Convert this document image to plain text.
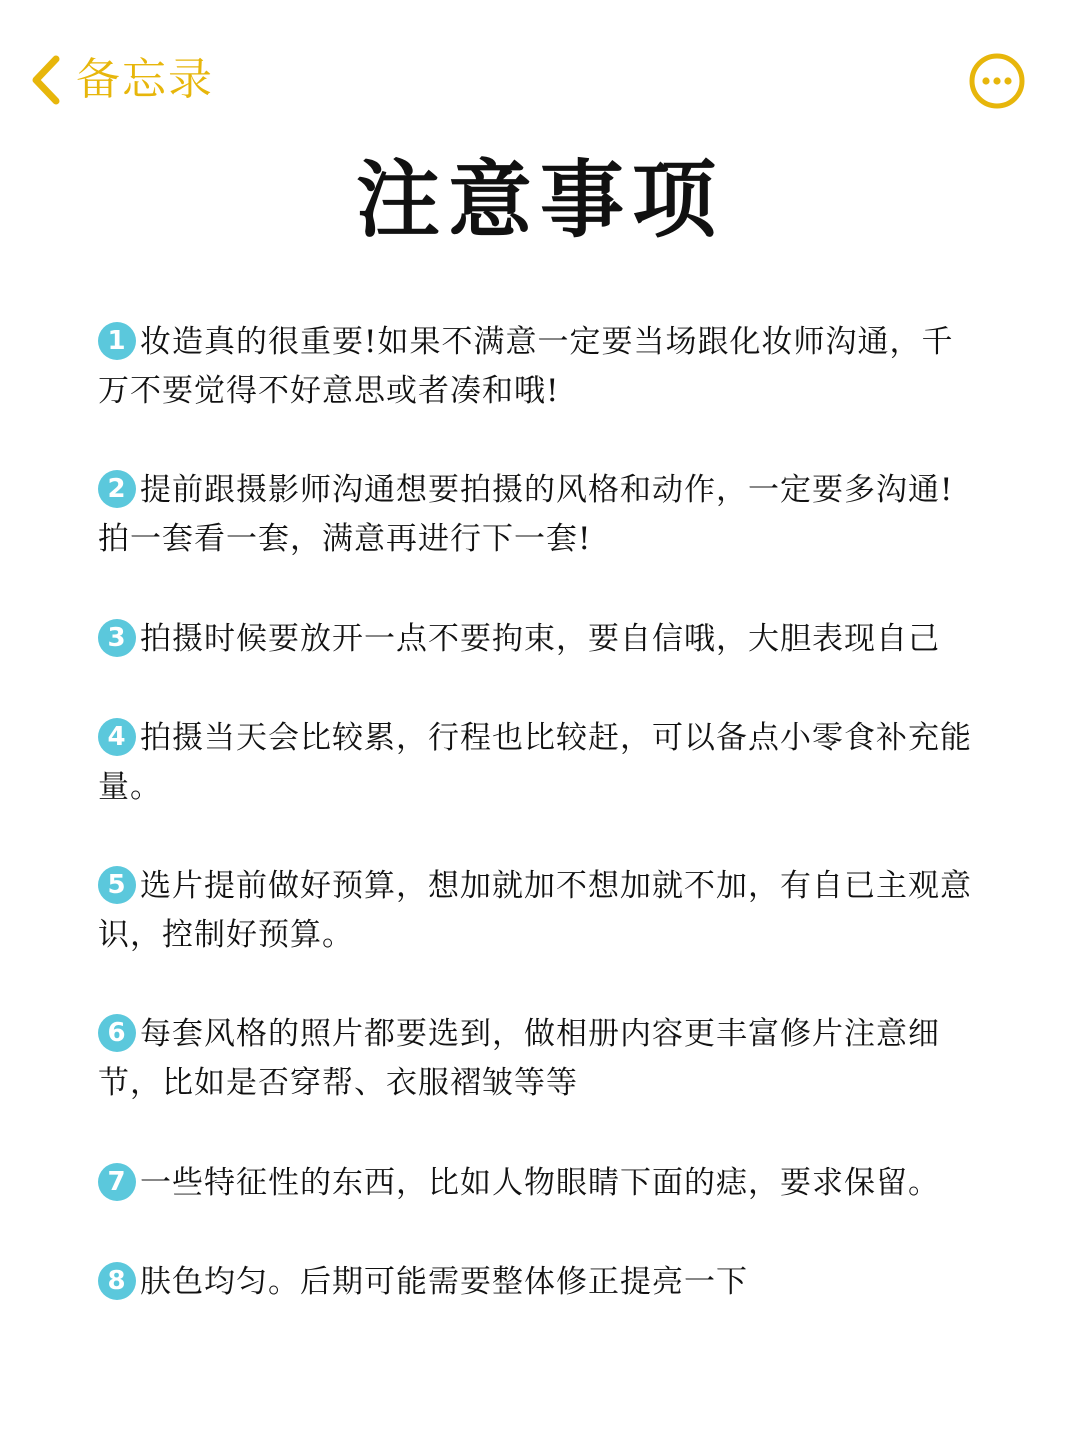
备忘录
注意事项

1 妆造真的很重要!如果不满意一定要当场跟化妆师沟通，千万不要觉得不好意思或者凑和哦!

2 提前跟摄影师沟通想要拍摄的风格和动作，一定要多沟通!拍一套看一套，满意再进行下一套!

3 拍摄时候要放开一点不要拘束，要自信哦，大胆表现自己

4 拍摄当天会比较累，行程也比较赶，可以备点小零食补充能量。

5 选片提前做好预算，想加就加不想加就不加，有自已主观意识，控制好预算。

6 每套风格的照片都要选到，做相册内容更丰富修片注意细节，比如是否穿帮、衣服褶皱等等

7 一些特征性的东西，比如人物眼睛下面的痣，要求保留。

8 肤色均匀。后期可能需要整体修正提亮一下
